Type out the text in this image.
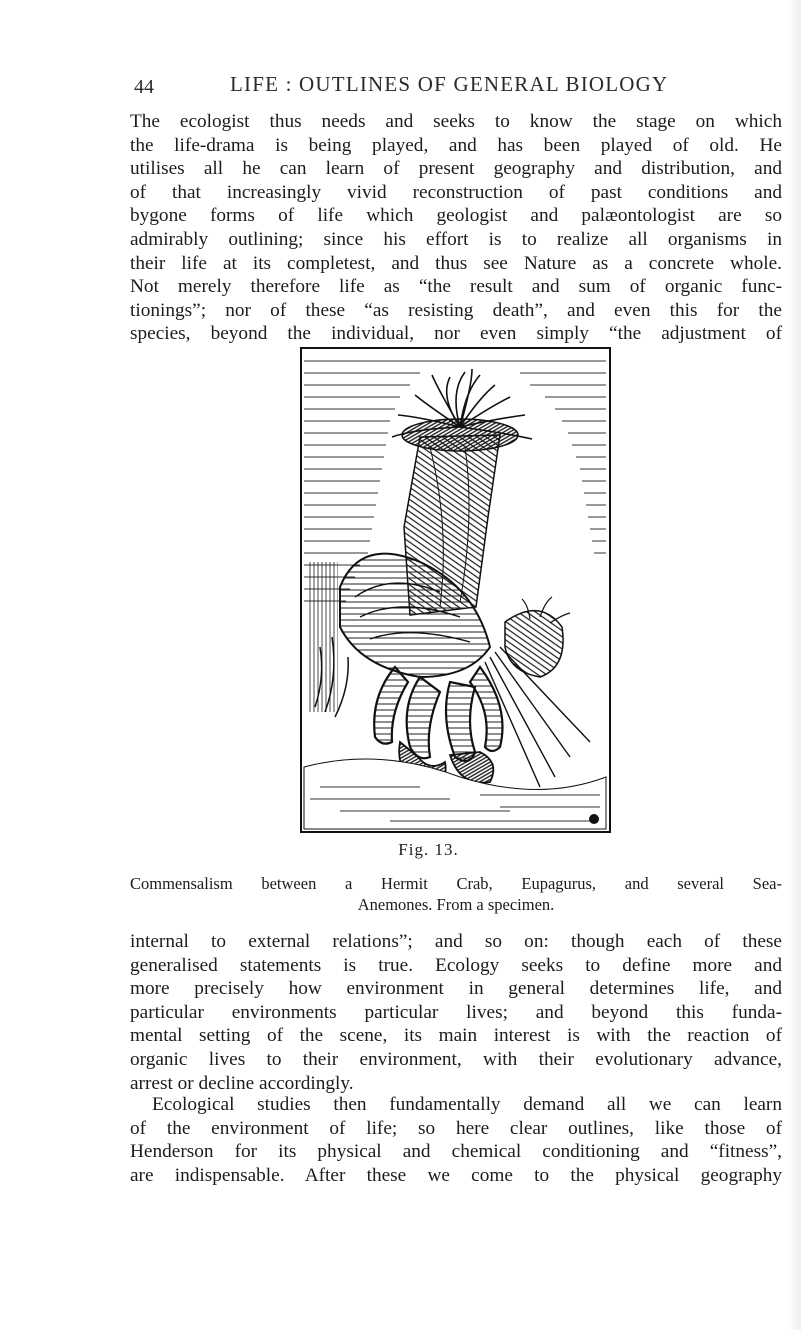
44	LIFE : OUTLINES OF GENERAL BIOLOGY
The ecologist thus needs and seeks to know the stage on which
the life-drama is being played, and has been played of old. He
utilises all he can learn of present geography and distribution, and
of that increasingly vivid reconstruction of past conditions and
bygone forms of life which geologist and palæontologist are so
admirably outlining; since his effort is to realize all organisms in
their life at its completest, and thus see Nature as a concrete whole.
Not merely therefore life as “the result and sum of organic func-
tionings”; nor of these “as resisting death”, and even this for the
species, beyond the individual, nor even simply “the adjustment of
Fig. 13.
Commensalism between a Hermit Crab, Eupagurus, and several Sea-
Anemones. From a specimen.
internal to external relations”; and so on: though each of these
generalised statements is true. Ecology seeks to define more and
more precisely how environment in general determines life, and
particular environments particular lives; and beyond this funda-
mental setting of the scene, its main interest is with the reaction of
organic lives to their environment, with their evolutionary advance,
arrest or decline accordingly.
Ecological studies then fundamentally demand all we can learn
of the environment of life; so here clear outlines, like those of
Henderson for its physical and chemical conditioning and “fitness”,
are indispensable. After these we come to the physical geography
